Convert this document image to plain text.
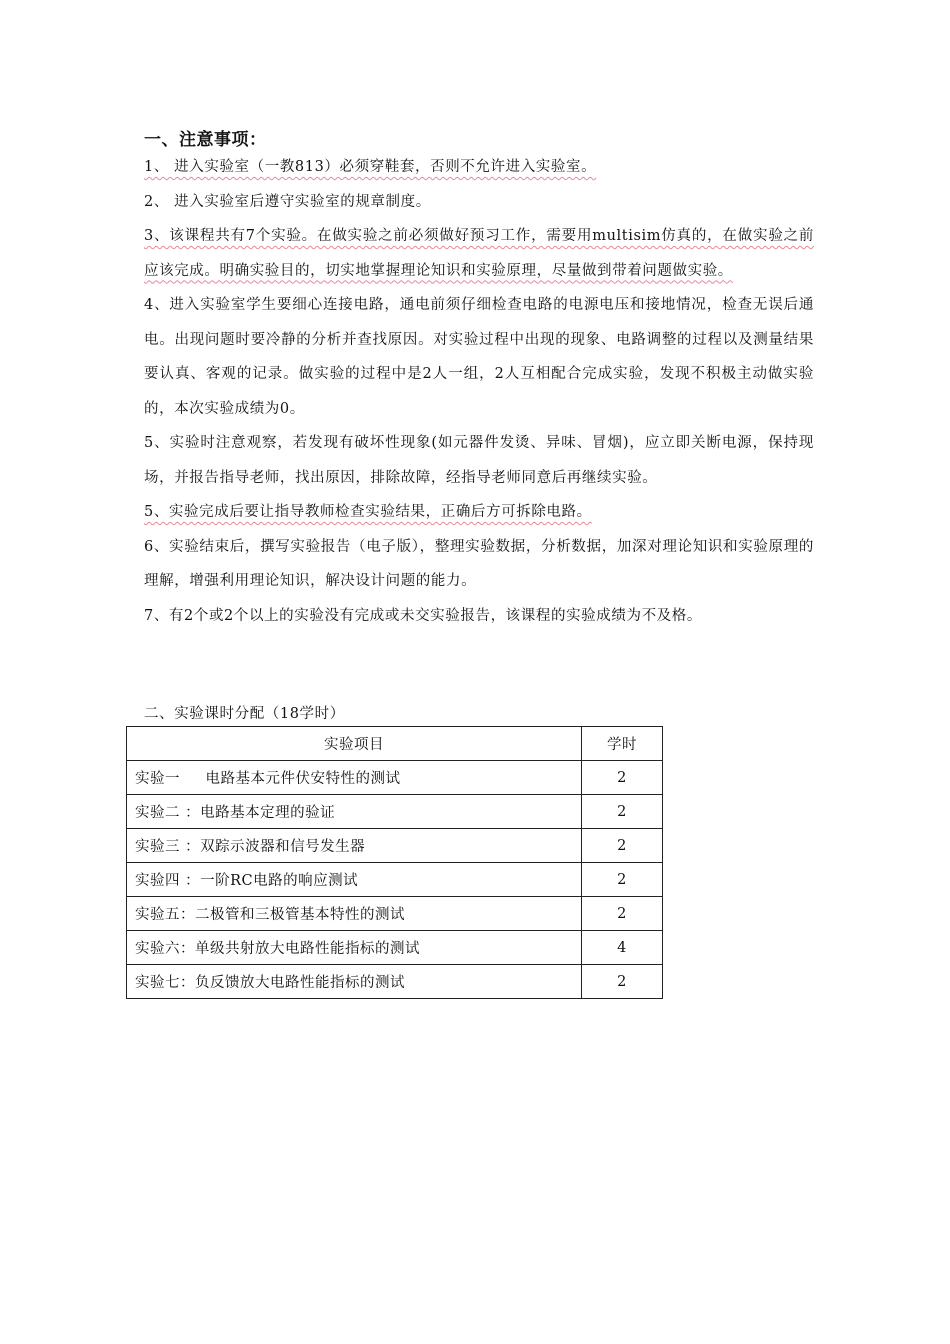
一、注意事项：

1、 进入实验室（一教813）必须穿鞋套，否则不允许进入实验室。

2、 进入实验室后遵守实验室的规章制度。

3、该课程共有7个实验。在做实验之前必须做好预习工作，需要用multisim仿真的，在做实验之前应该完成。明确实验目的，切实地掌握理论知识和实验原理，尽量做到带着问题做实验。

4、进入实验室学生要细心连接电路，通电前须仔细检查电路的电源电压和接地情况，检查无误后通电。出现问题时要冷静的分析并查找原因。对实验过程中出现的现象、电路调整的过程以及测量结果要认真、客观的记录。做实验的过程中是2人一组，2人互相配合完成实验，发现不积极主动做实验的，本次实验成绩为0。

5、实验时注意观察，若发现有破坏性现象(如元器件发烫、异味、冒烟)，应立即关断电源，保持现场，并报告指导老师，找出原因，排除故障，经指导老师同意后再继续实验。

5、实验完成后要让指导教师检查实验结果，正确后方可拆除电路。

6、实验结束后，撰写实验报告（电子版），整理实验数据，分析数据，加深对理论知识和实验原理的理解，增强利用理论知识，解决设计问题的能力。

7、有2个或2个以上的实验没有完成或未交实验报告，该课程的实验成绩为不及格。

二、实验课时分配（18学时）
实验项目	学时
实验一     电路基本元件伏安特性的测试	2
实验二 ：电路基本定理的验证	2
实验三 ：双踪示波器和信号发生器	2
实验四 ：一阶RC电路的响应测试	2
实验五：二极管和三极管基本特性的测试	2
实验六：单级共射放大电路性能指标的测试	4
实验七：负反馈放大电路性能指标的测试	2
